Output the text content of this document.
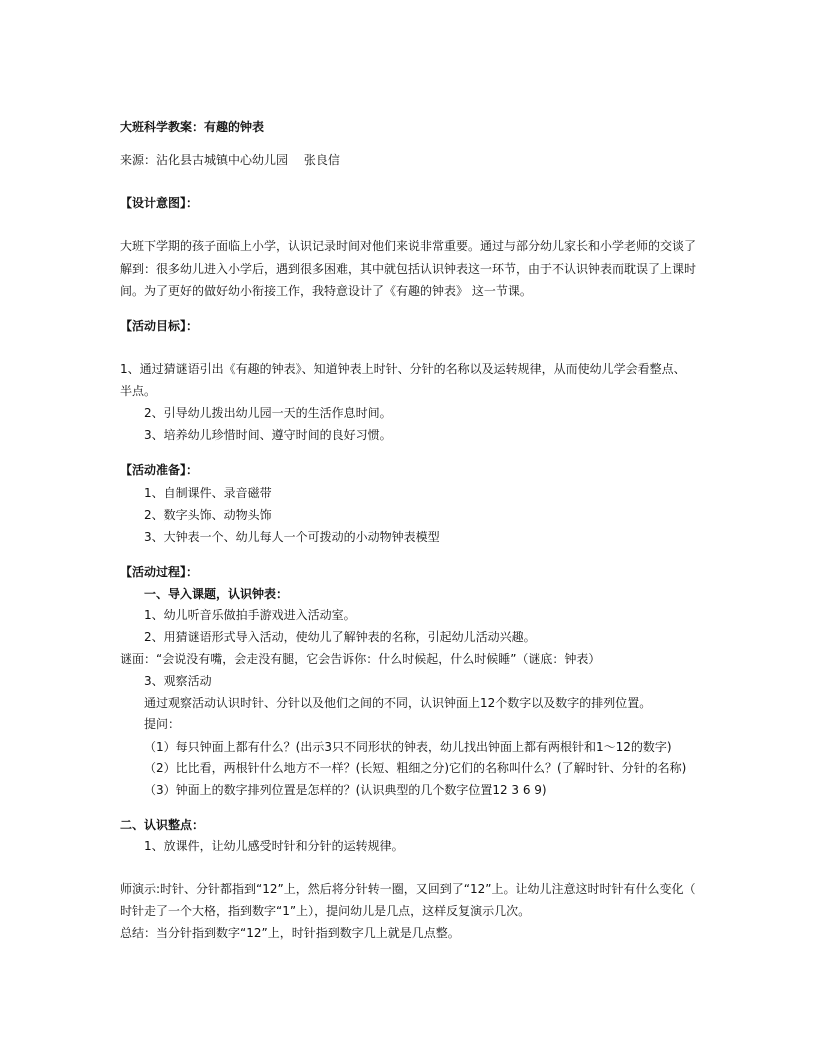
大班科学教案：有趣的钟表
来源：沾化县古城镇中心幼儿园　 张良信
【设计意图】：
大班下学期的孩子面临上小学，认识记录时间对他们来说非常重要。通过与部分幼儿家长和小学老师的交谈了
解到：很多幼儿进入小学后，遇到很多困难，其中就包括认识钟表这一环节，由于不认识钟表而耽误了上课时
间。为了更好的做好幼小衔接工作，我特意设计了《有趣的钟表》 这一节课。
【活动目标】：
1、通过猜谜语引出《有趣的钟表》、知道钟表上时针、分针的名称以及运转规律，从而使幼儿学会看整点、
半点。
2、引导幼儿拨出幼儿园一天的生活作息时间。
3、培养幼儿珍惜时间、遵守时间的良好习惯。
【活动准备】：
1、自制课件、录音磁带
2、数字头饰、动物头饰
3、大钟表一个、幼儿每人一个可拨动的小动物钟表模型
【活动过程】：
一、导入课题，认识钟表：
1、幼儿听音乐做拍手游戏进入活动室。
2、用猜谜语形式导入活动，使幼儿了解钟表的名称，引起幼儿活动兴趣。
谜面：“会说没有嘴，会走没有腿，它会告诉你：什么时候起，什么时候睡”（谜底：钟表）
3、观察活动
通过观察活动认识时针、分针以及他们之间的不同，认识钟面上12个数字以及数字的排列位置。
提问：
（1）每只钟面上都有什么？(出示3只不同形状的钟表，幼儿找出钟面上都有两根针和1～12的数字)
（2）比比看，两根针什么地方不一样？(长短、粗细之分)它们的名称叫什么？(了解时针、分针的名称)
（3）钟面上的数字排列位置是怎样的？(认识典型的几个数字位置12 3 6 9)
二、认识整点：
1、放课件，让幼儿感受时针和分针的运转规律。
师演示:时针、分针都指到“12”上，然后将分针转一圈，又回到了“12”上。让幼儿注意这时时针有什么变化（
时针走了一个大格，指到数字“1”上），提问幼儿是几点，这样反复演示几次。
总结：当分针指到数字“12”上，时针指到数字几上就是几点整。
